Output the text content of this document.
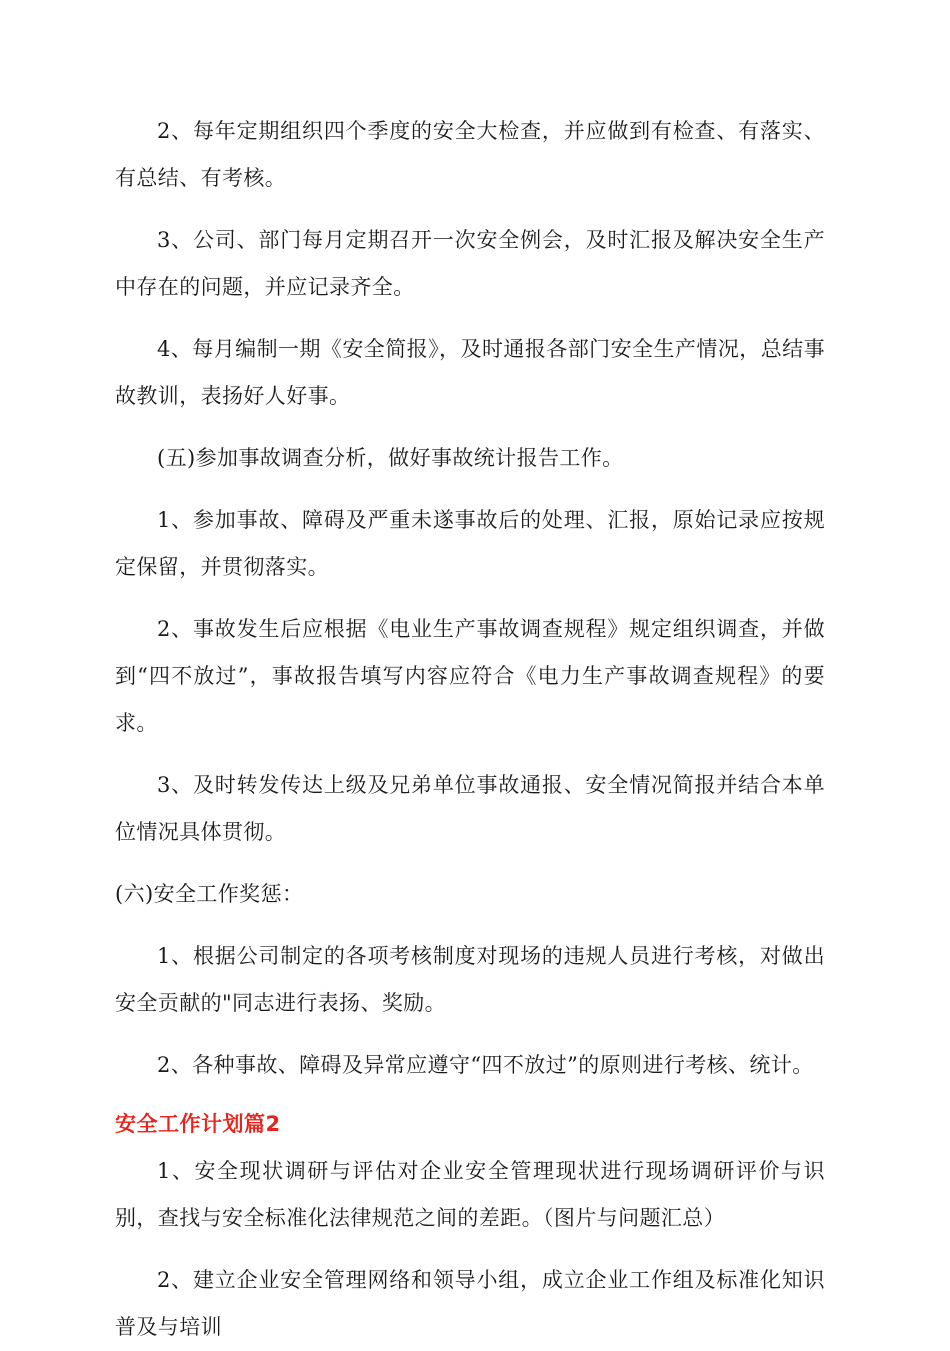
2、每年定期组织四个季度的安全大检查，并应做到有检查、有落实、有总结、有考核。

3、公司、部门每月定期召开一次安全例会，及时汇报及解决安全生产中存在的问题，并应记录齐全。

4、每月编制一期《安全简报》，及时通报各部门安全生产情况，总结事故教训，表扬好人好事。

(五)参加事故调查分析，做好事故统计报告工作。

1、参加事故、障碍及严重未遂事故后的处理、汇报，原始记录应按规定保留，并贯彻落实。

2、事故发生后应根据《电业生产事故调查规程》规定组织调查，并做到“四不放过”，事故报告填写内容应符合《电力生产事故调查规程》的要求。

3、及时转发传达上级及兄弟单位事故通报、安全情况简报并结合本单位情况具体贯彻。

(六)安全工作奖惩：

1、根据公司制定的各项考核制度对现场的违规人员进行考核，对做出安全贡献的"同志进行表扬、奖励。

2、各种事故、障碍及异常应遵守“四不放过”的原则进行考核、统计。

安全工作计划篇2

1、安全现状调研与评估对企业安全管理现状进行现场调研评价与识别，查找与安全标准化法律规范之间的差距。（图片与问题汇总）

2、建立企业安全管理网络和领导小组，成立企业工作组及标准化知识普及与培训
